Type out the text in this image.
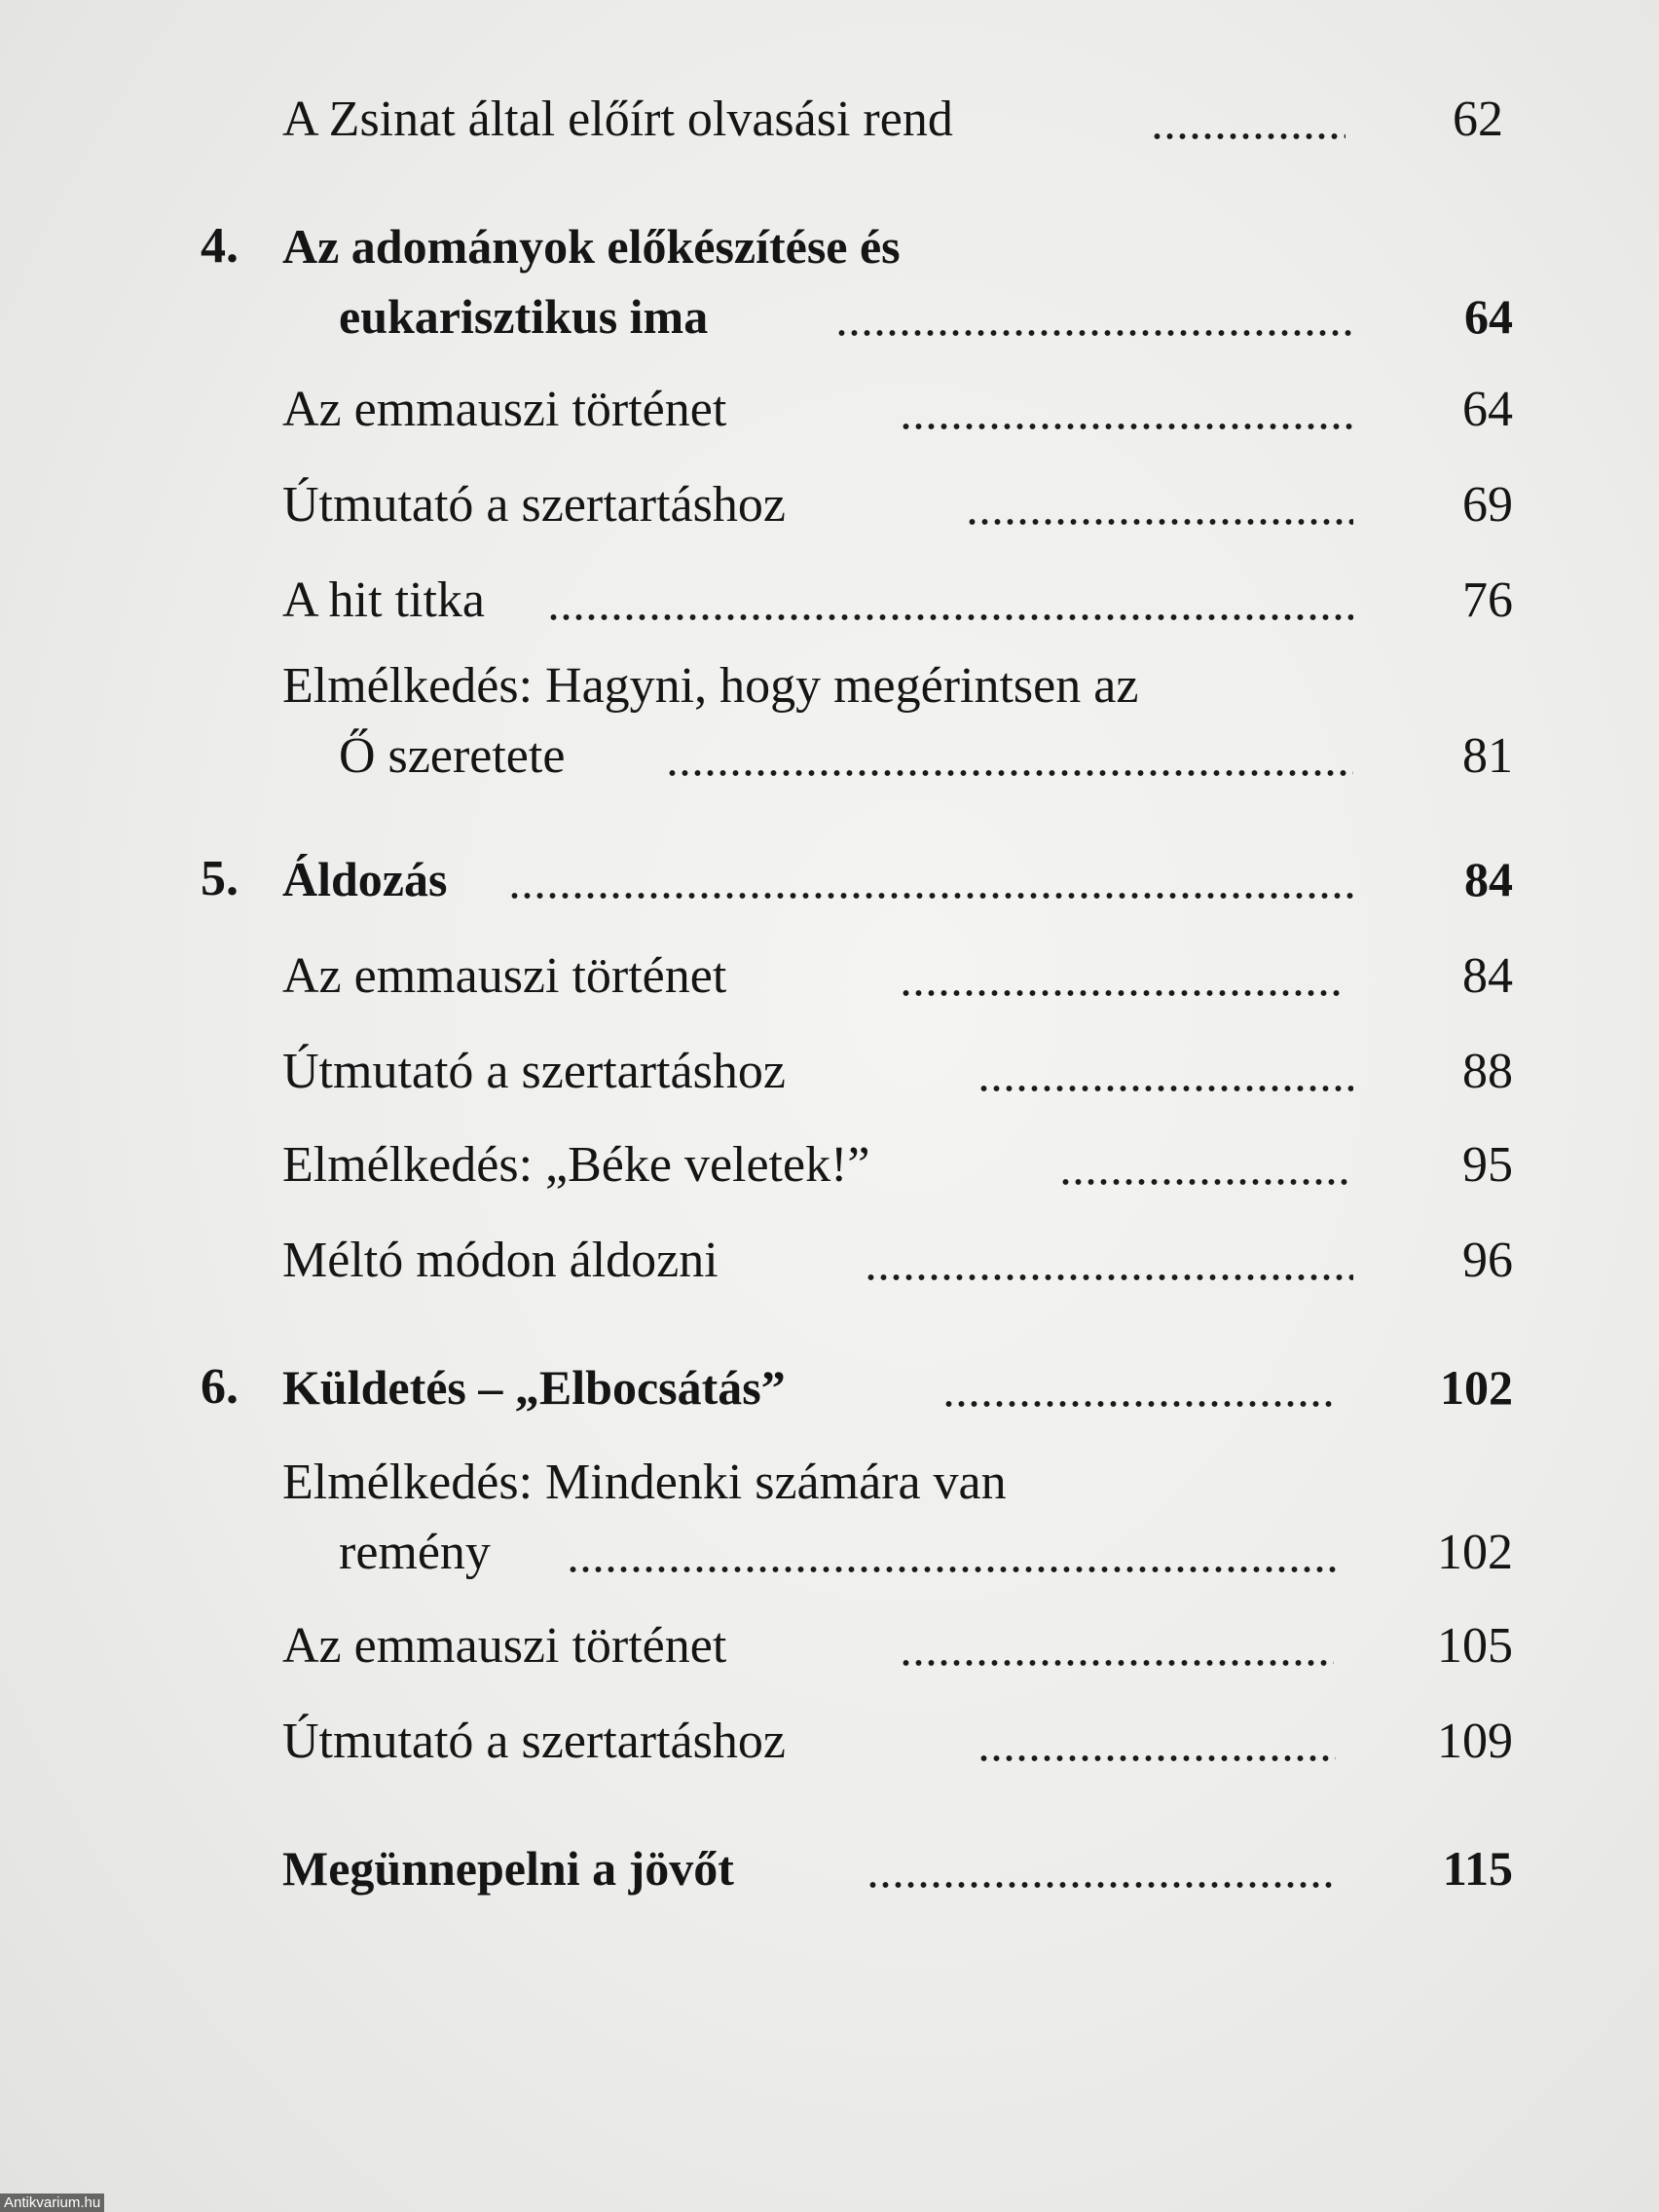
A Zsinat által előírt olvasási rend	62
4. Az adományok előkészítése és
eukarisztikus ima	64
Az emmauszi történet	64
Útmutató a szertartáshoz	69
A hit titka	76
Elmélkedés: Hagyni, hogy megérintsen az
Ő szeretete	81
5. Áldozás	84
Az emmauszi történet	84
Útmutató a szertartáshoz	88
Elmélkedés: „Béke veletek!”	95
Méltó módon áldozni	96
6. Küldetés – „Elbocsátás”	102
Elmélkedés: Mindenki számára van
remény	102
Az emmauszi történet	105
Útmutató a szertartáshoz	109
Megünnepelni a jövőt	115
Antikvarium.hu
